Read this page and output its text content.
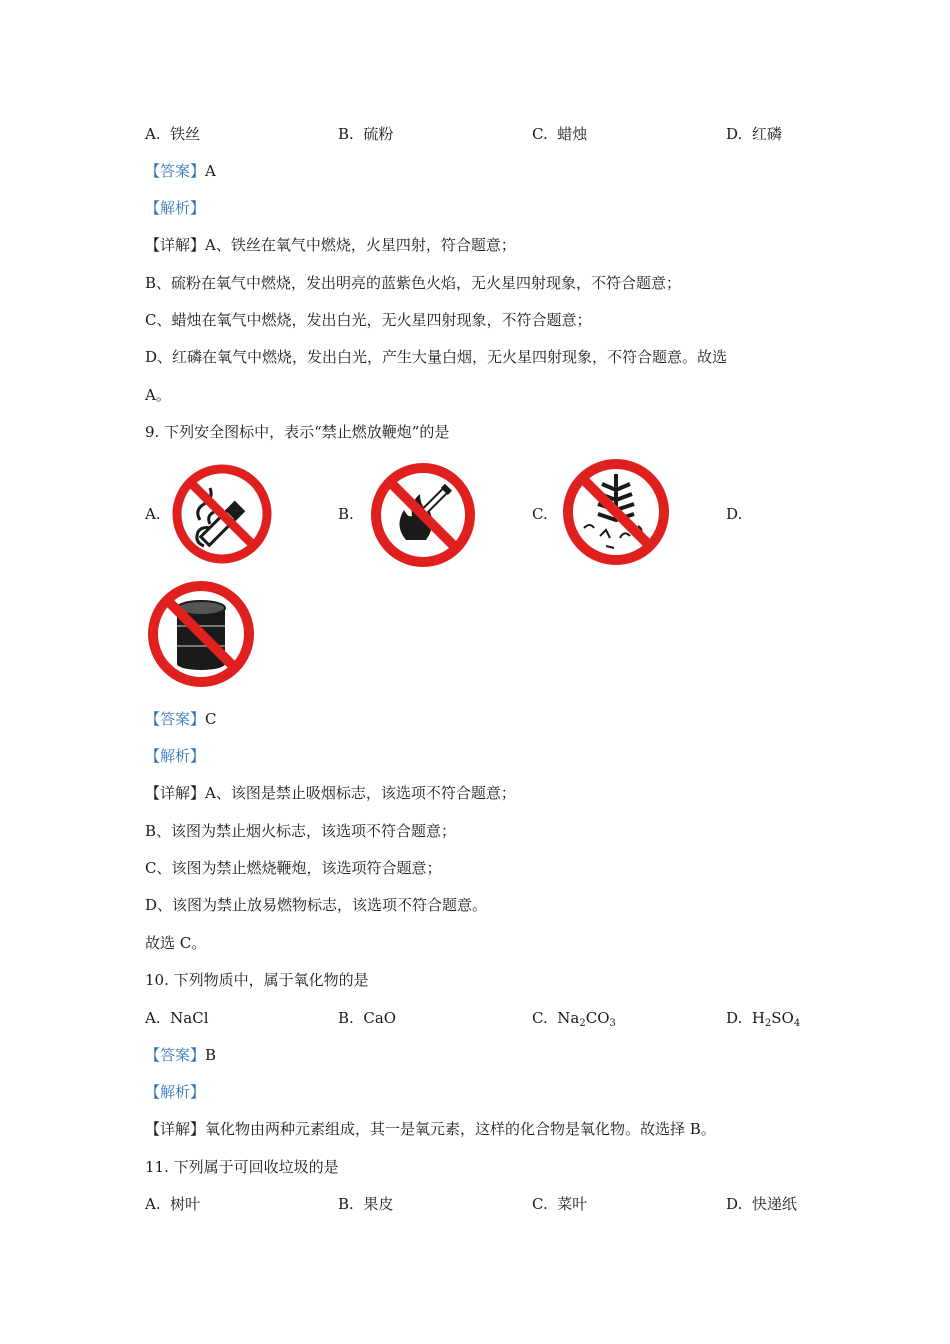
A. 铁丝	B. 硫粉	C. 蜡烛	D. 红磷
【答案】A
【解析】
【详解】A、铁丝在氧气中燃烧，火星四射，符合题意；
B、硫粉在氧气中燃烧，发出明亮的蓝紫色火焰，无火星四射现象，不符合题意；
C、蜡烛在氧气中燃烧，发出白光，无火星四射现象，不符合题意；
D、红磷在氧气中燃烧，发出白光，产生大量白烟，无火星四射现象，不符合题意。故选
A。
9. 下列安全图标中，表示“禁止燃放鞭炮”的是
A.	B.	C.	D.
【答案】C
【解析】
【详解】A、该图是禁止吸烟标志，该选项不符合题意；
B、该图为禁止烟火标志，该选项不符合题意；
C、该图为禁止燃烧鞭炮，该选项符合题意；
D、该图为禁止放易燃物标志，该选项不符合题意。
故选 C。
10. 下列物质中，属于氧化物的是
A. NaCl	B. CaO	C. $Na_2CO_3$	D. $H_2SO_4$
【答案】B
【解析】
【详解】氧化物由两种元素组成，其一是氧元素，这样的化合物是氧化物。故选择 B。
11. 下列属于可回收垃圾的是
A. 树叶	B. 果皮	C. 菜叶	D. 快递纸
